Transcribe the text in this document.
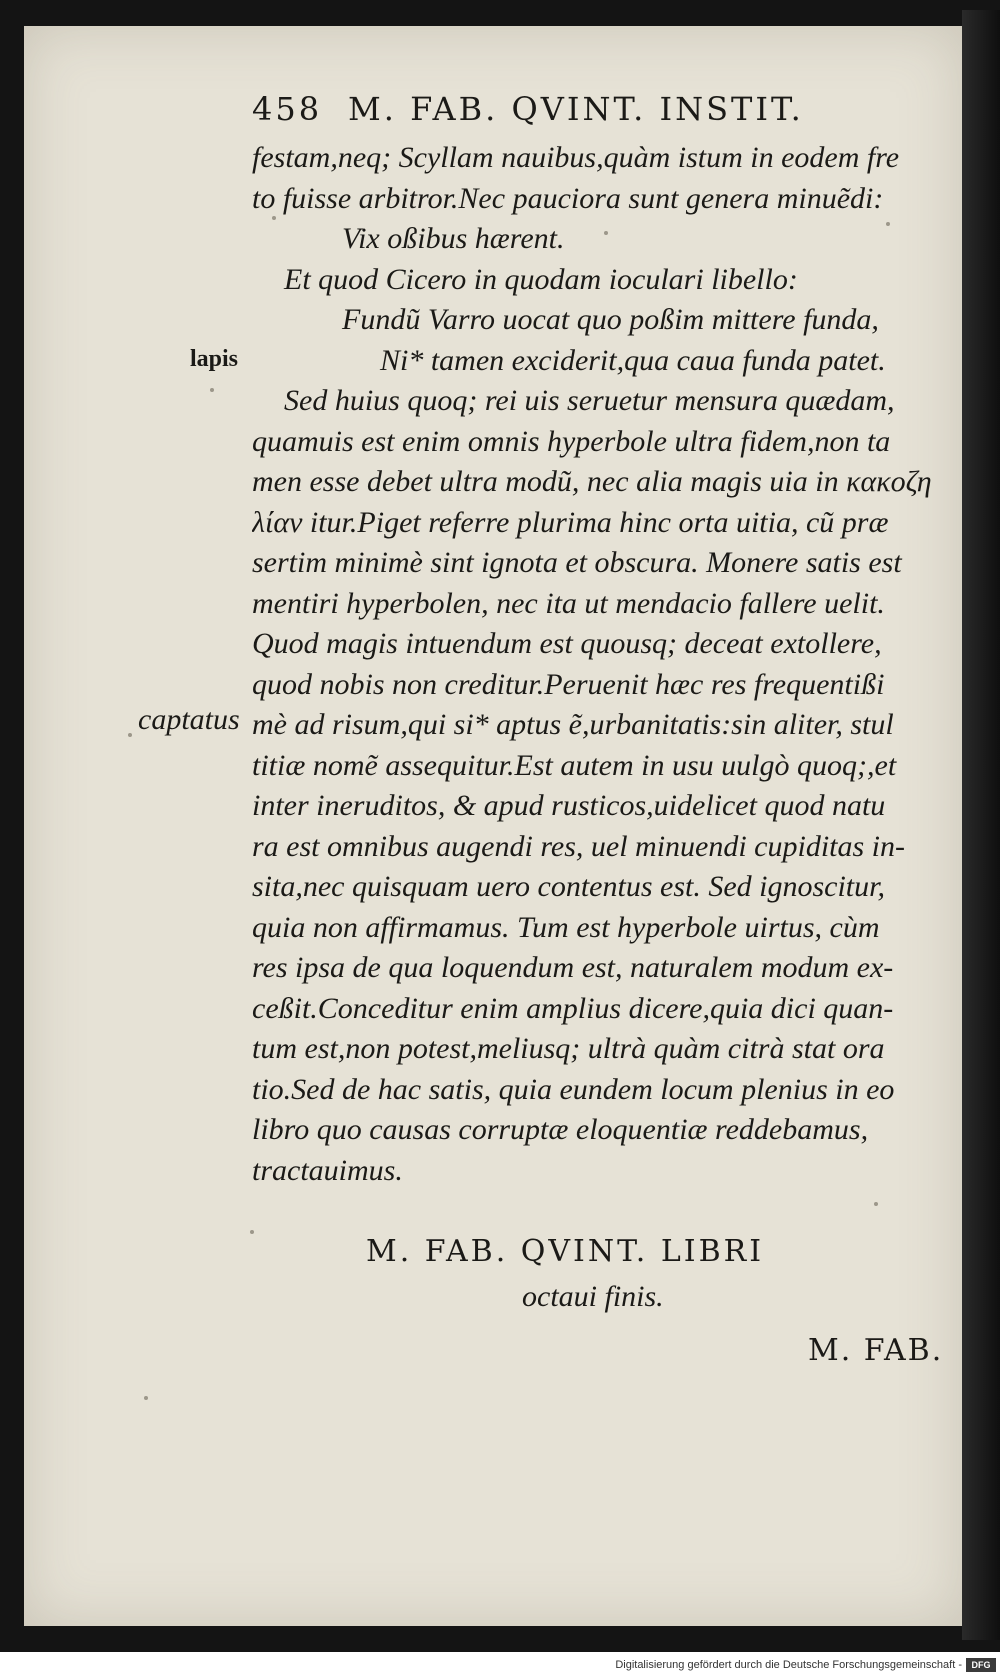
458 M. FAB. QVINT. INSTIT.
festam,neq; Scyllam nauibus,quàm istum in eodem fre
to fuisse arbitror.Nec pauciora sunt genera minuẽdi:
Vix oßibus hærent.
Et quod Cicero in quodam ioculari libello:
Fundũ Varro uocat quo poßim mittere funda,
Ni* tamen exciderit,qua caua funda patet.
Sed huius quoq; rei uis seruetur mensura quædam,
quamuis est enim omnis hyperbole ultra fidem,non ta
men esse debet ultra modũ, nec alia magis uia in κακοζη
λίαν itur.Piget referre plurima hinc orta uitia, cũ præ
sertim minimè sint ignota et obscura. Monere satis est
mentiri hyperbolen, nec ita ut mendacio fallere uelit.
Quod magis intuendum est quousq; deceat extollere,
quod nobis non creditur.Peruenit hæc res frequentißi
mè ad risum,qui si* aptus ẽ,urbanitatis:sin aliter, stul
titiæ nomẽ assequitur.Est autem in usu uulgò quoq;,et
inter ineruditos, & apud rusticos,uidelicet quod natu
ra est omnibus augendi res, uel minuendi cupiditas in-
sita,nec quisquam uero contentus est. Sed ignoscitur,
quia non affirmamus. Tum est hyperbole uirtus, cùm
res ipsa de qua loquendum est, naturalem modum ex-
ceßit.Conceditur enim amplius dicere,quia dici quan-
tum est,non potest,meliusq; ultrà quàm citrà stat ora
tio.Sed de hac satis, quia eundem locum plenius in eo
libro quo causas corruptæ eloquentiæ reddebamus,
tractauimus.
lapis
captatus
M. FAB. QVINT. LIBRI
octaui finis.
M. FAB.
Digitalisierung gefördert durch die Deutsche Forschungsgemeinschaft -	DFG
